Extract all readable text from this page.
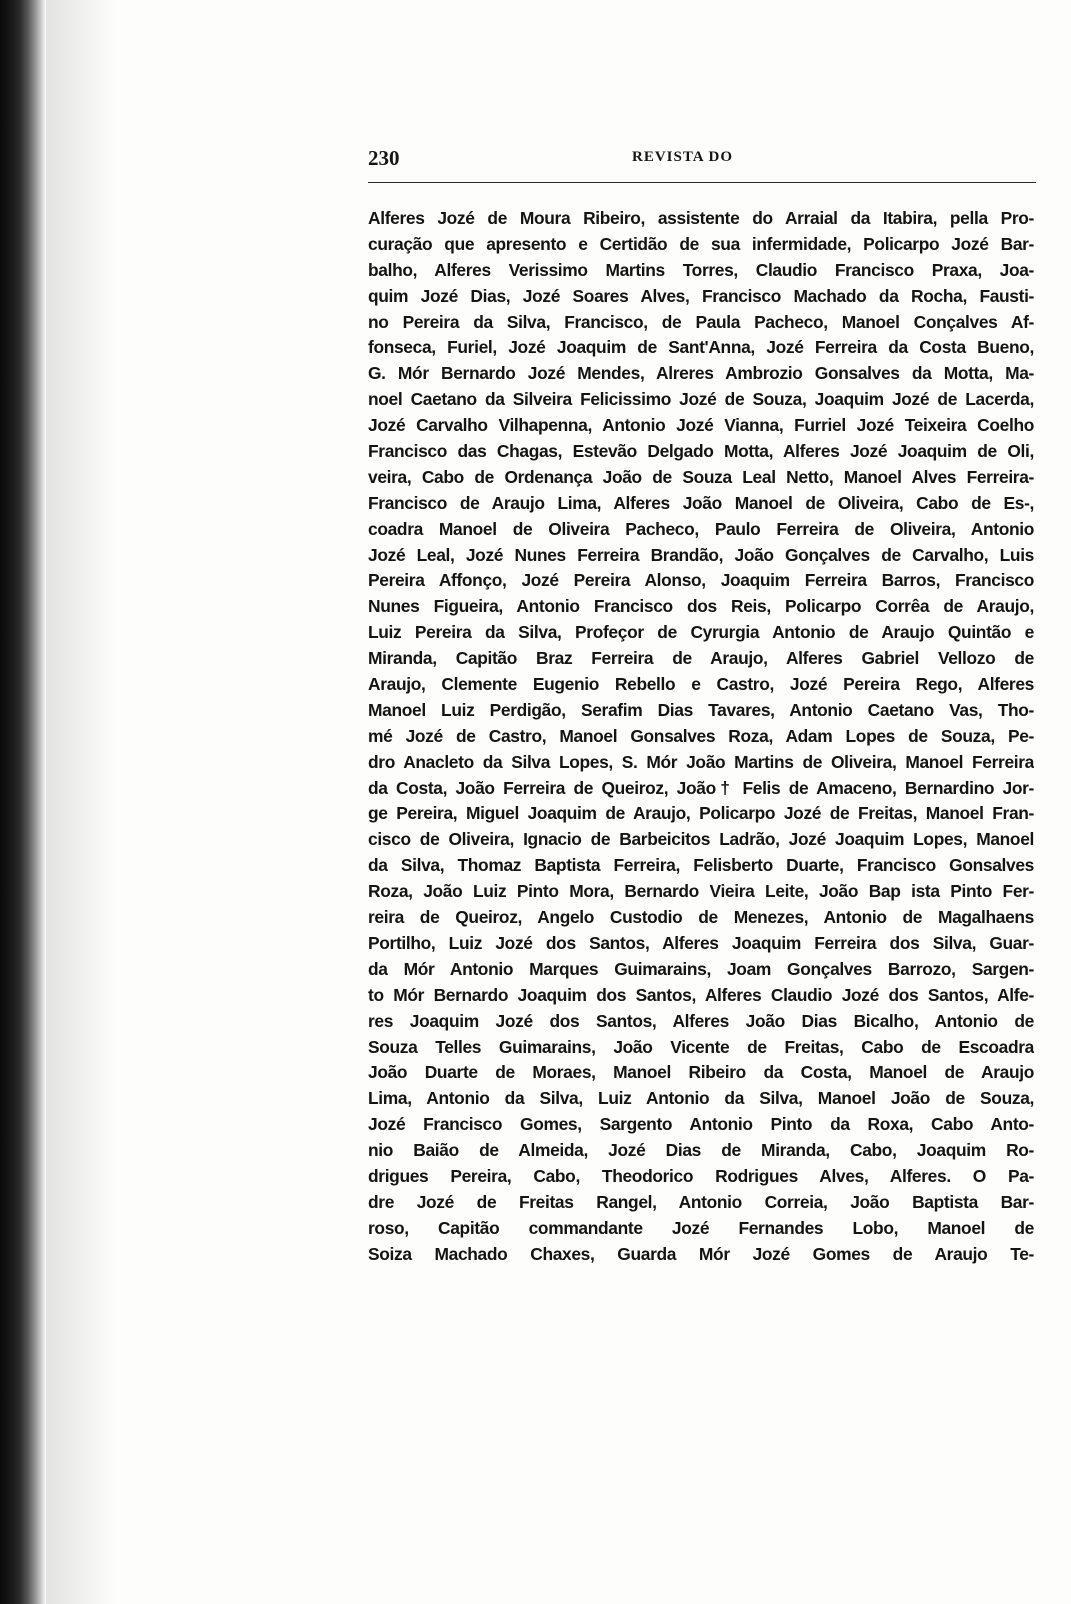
230	REVISTA DO
Alferes Jozé de Moura Ribeiro, assistente do Arraial da Itabira, pella Pro-
curação que apresento e Certidão de sua infermidade, Policarpo Jozé Bar-
balho, Alferes Verissimo Martins Torres, Claudio Francisco Praxa, Joa-
quim Jozé Dias, Jozé Soares Alves, Francisco Machado da Rocha, Fausti-
no Pereira da Silva, Francisco, de Paula Pacheco, Manoel Conçalves Af-
fonseca, Furiel, Jozé Joaquim de Sant'Anna, Jozé Ferreira da Costa Bueno,
G. Mór Bernardo Jozé Mendes, Alreres Ambrozio Gonsalves da Motta, Ma-
noel Caetano da Silveira Felicissimo Jozé de Souza, Joaquim Jozé de Lacerda,
Jozé Carvalho Vilhapenna, Antonio Jozé Vianna, Furriel Jozé Teixeira Coelho
Francisco das Chagas, Estevão Delgado Motta, Alferes Jozé Joaquim de Oli,
veira, Cabo de Ordenança João de Souza Leal Netto, Manoel Alves Ferreira-
Francisco de Araujo Lima, Alferes João Manoel de Oliveira, Cabo de Es-,
coadra Manoel de Oliveira Pacheco, Paulo Ferreira de Oliveira, Antonio
Jozé Leal, Jozé Nunes Ferreira Brandão, João Gonçalves de Carvalho, Luis
Pereira Affonço, Jozé Pereira Alonso, Joaquim Ferreira Barros, Francisco
Nunes Figueira, Antonio Francisco dos Reis, Policarpo Corrêa de Araujo,
Luiz Pereira da Silva, Profeçor de Cyrurgia Antonio de Araujo Quintão e
Miranda, Capitão Braz Ferreira de Araujo, Alferes Gabriel Vellozo de
Araujo, Clemente Eugenio Rebello e Castro, Jozé Pereira Rego, Alferes
Manoel Luiz Perdigão, Serafim Dias Tavares, Antonio Caetano Vas, Tho-
mé Jozé de Castro, Manoel Gonsalves Roza, Adam Lopes de Souza, Pe-
dro Anacleto da Silva Lopes, S. Mór João Martins de Oliveira, Manoel Ferreira
da Costa, João Ferreira de Queiroz, João† Felis de Amaceno, Bernardino Jor-
ge Pereira, Miguel Joaquim de Araujo, Policarpo Jozé de Freitas, Manoel Fran-
cisco de Oliveira, Ignacio de Barbeicitos Ladrão, Jozé Joaquim Lopes, Manoel
da Silva, Thomaz Baptista Ferreira, Felisberto Duarte, Francisco Gonsalves
Roza, João Luiz Pinto Mora, Bernardo Vieira Leite, João Bap ista Pinto Fer-
reira de Queiroz, Angelo Custodio de Menezes, Antonio de Magalhaens
Portilho, Luiz Jozé dos Santos, Alferes Joaquim Ferreira dos Silva, Guar-
da Mór Antonio Marques Guimarains, Joam Gonçalves Barrozo, Sargen-
to Mór Bernardo Joaquim dos Santos, Alferes Claudio Jozé dos Santos, Alfe-
res Joaquim Jozé dos Santos, Alferes João Dias Bicalho, Antonio de
Souza Telles Guimarains, João Vicente de Freitas, Cabo de Escoadra
João Duarte de Moraes, Manoel Ribeiro da Costa, Manoel de Araujo
Lima, Antonio da Silva, Luiz Antonio da Silva, Manoel João de Souza,
Jozé Francisco Gomes, Sargento Antonio Pinto da Roxa, Cabo Anto-
nio Baião de Almeida, Jozé Dias de Miranda, Cabo, Joaquim Ro-
drigues Pereira, Cabo, Theodorico Rodrigues Alves, Alferes. O Pa-
dre Jozé de Freitas Rangel, Antonio Correia, João Baptista Bar-
roso, Capitão commandante Jozé Fernandes Lobo, Manoel de
Soiza Machado Chaxes, Guarda Mór Jozé Gomes de Araujo Te-
